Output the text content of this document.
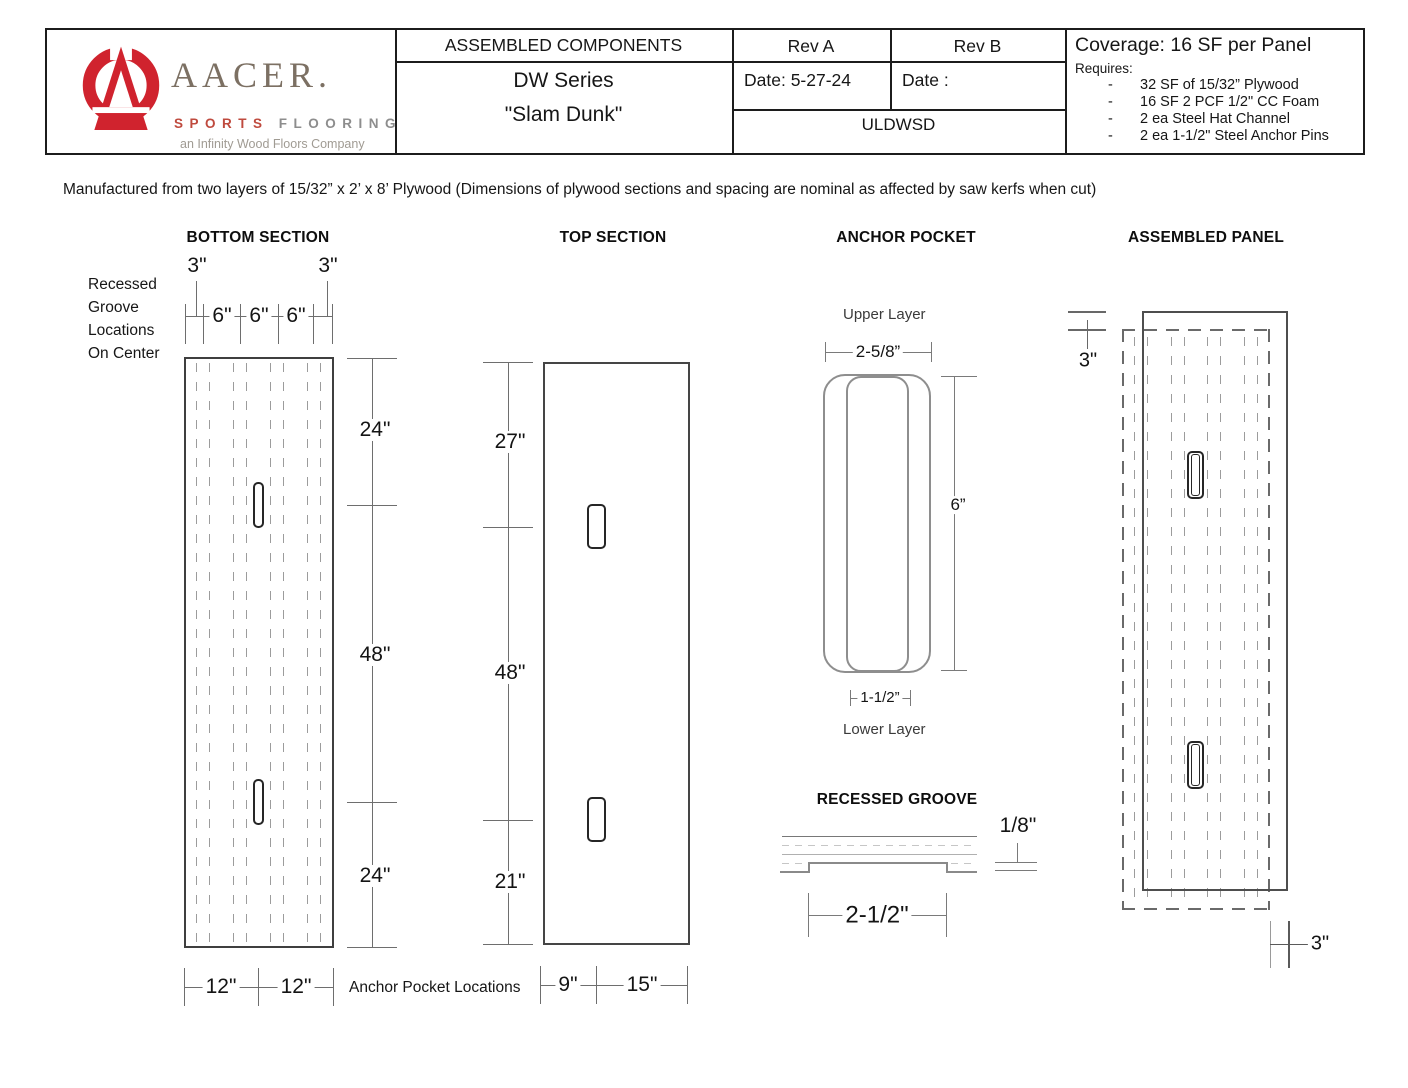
AACER.
SPORTS FLOORING
an Infinity Wood Floors Company
ASSEMBLED COMPONENTS
DW Series
"Slam Dunk"
Rev A	Rev B
Date: 5-27-24	Date :
ULDWSD
Coverage: 16 SF per Panel
Requires:
- 32 SF of 15/32” Plywood
- 16 SF 2 PCF 1/2" CC Foam
- 2 ea Steel Hat Channel
- 2 ea 1-1/2" Steel Anchor Pins
Manufactured from two layers of 15/32” x 2’ x 8’ Plywood (Dimensions of plywood sections and spacing are nominal as affected by saw kerfs when cut)
BOTTOM SECTION	TOP SECTION	ANCHOR POCKET	ASSEMBLED PANEL
Recessed
Groove
Locations
On Center
3"	3"
6" 6" 6"
24"
48"
24"
12" 12" Anchor Pocket Locations
27"
48"
21"
9" 15"
Upper Layer
2-5/8”
6”
1-1/2”
Lower Layer
RECESSED GROOVE
1/8"
2-1/2"
3"
3"
